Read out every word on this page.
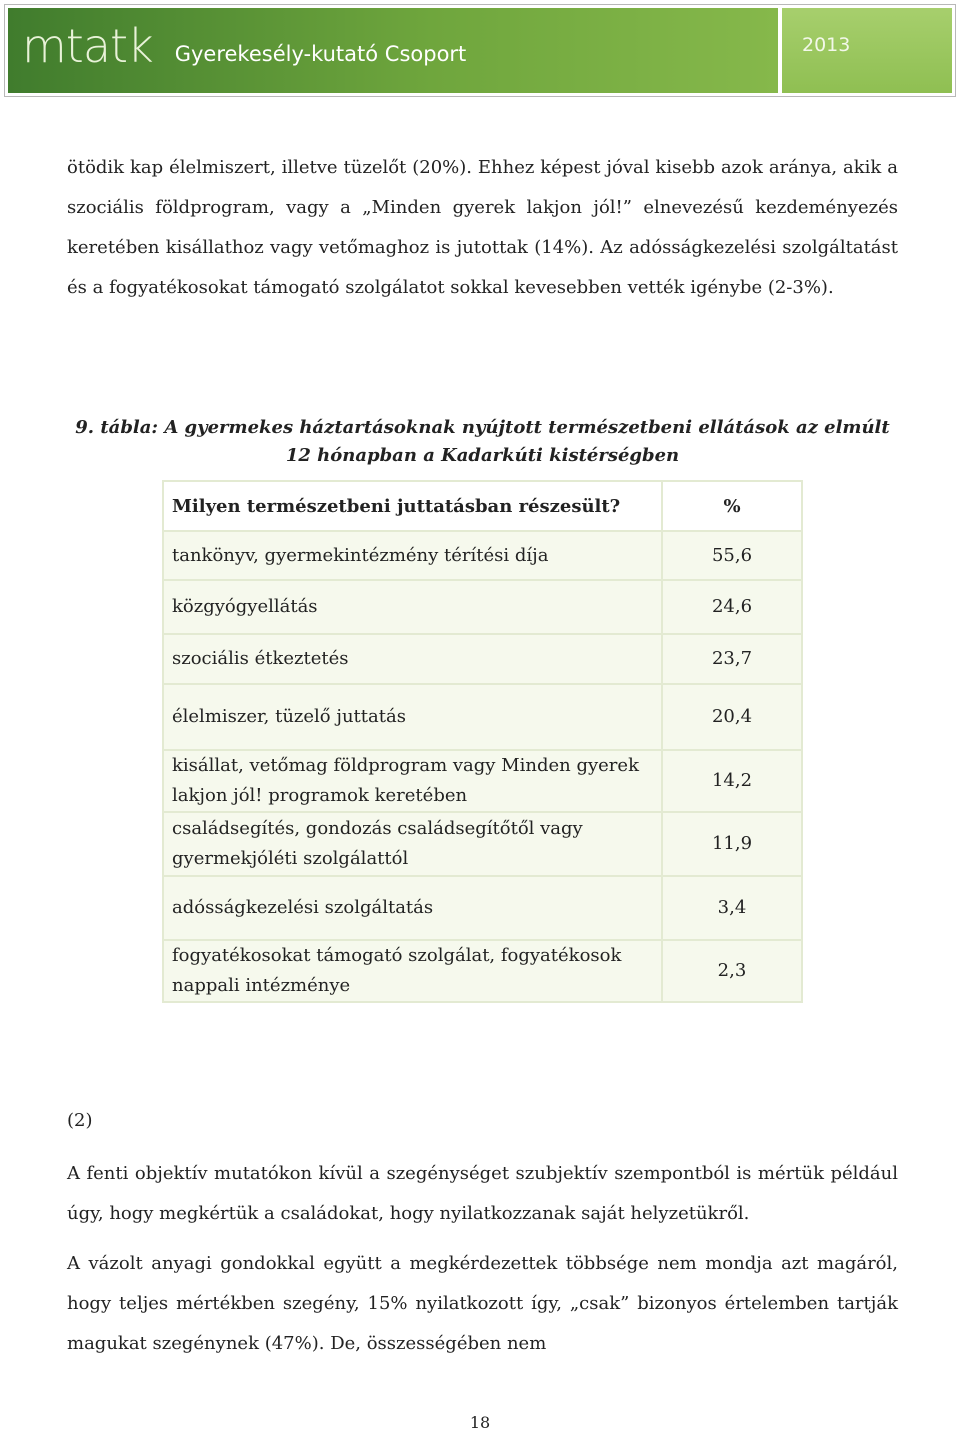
mtatk Gyerekesély-kutató Csoport	2013

ötödik kap élelmiszert, illetve tüzelőt (20%). Ehhez képest jóval kisebb azok aránya, akik a szociális földprogram, vagy a „Minden gyerek lakjon jól!” elnevezésű kezdeményezés keretében kisállathoz vagy vetőmaghoz is jutottak (14%). Az adósságkezelési szolgáltatást és a fogyatékosokat támogató szolgálatot sokkal kevesebben vették igénybe (2-3%).

9. tábla: A gyermekes háztartásoknak nyújtott természetbeni ellátások az elmúlt 12 hónapban a Kadarkúti kistérségben
Milyen természetbeni juttatásban részesült?	%
tankönyv, gyermekintézmény térítési díja	55,6
közgyógyellátás	24,6
szociális étkeztetés	23,7
élelmiszer, tüzelő juttatás	20,4
kisállat, vetőmag földprogram vagy Minden gyerek lakjon jól! programok keretében	14,2
családsegítés, gondozás családsegítőtől vagy gyermekjóléti szolgálattól	11,9
adósságkezelési szolgáltatás	3,4
fogyatékosokat támogató szolgálat, fogyatékosok nappali intézménye	2,3
(2)

A fenti objektív mutatókon kívül a szegénységet szubjektív szempontból is mértük például úgy, hogy megkértük a családokat, hogy nyilatkozzanak saját helyzetükről.

A vázolt anyagi gondokkal együtt a megkérdezettek többsége nem mondja azt magáról, hogy teljes mértékben szegény, 15% nyilatkozott így, „csak” bizonyos értelemben tartják magukat szegénynek (47%). De, összességében nem

18
